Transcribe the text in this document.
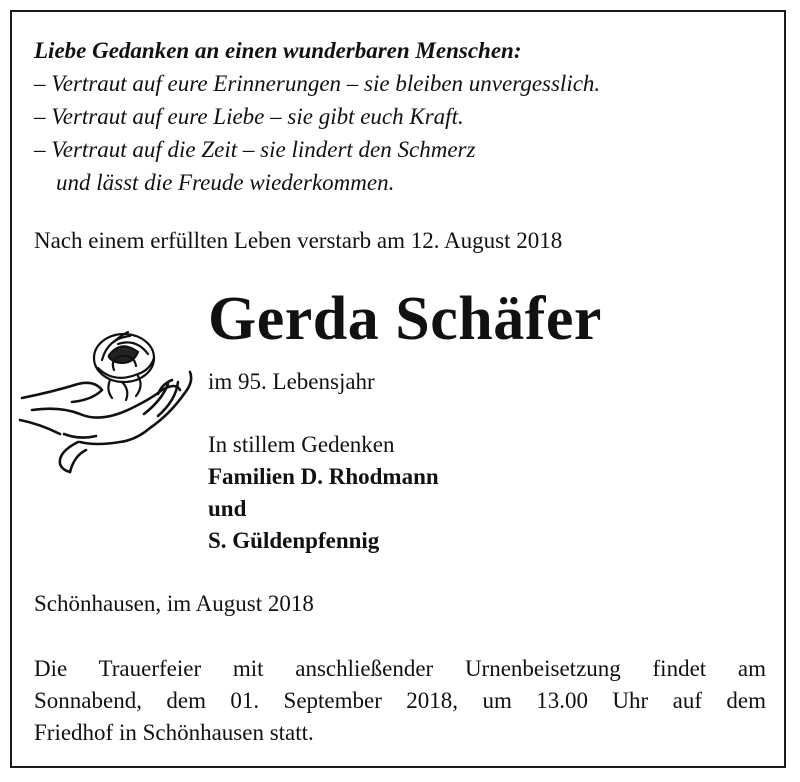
Liebe Gedanken an einen wunderbaren Menschen:
– Vertraut auf eure Erinnerungen – sie bleiben unvergesslich.
– Vertraut auf eure Liebe – sie gibt euch Kraft.
– Vertraut auf die Zeit – sie lindert den Schmerz
und lässt die Freude wiederkommen.
Nach einem erfüllten Leben verstarb am 12. August 2018
Gerda Schäfer
im 95. Lebensjahr
In stillem Gedenken
Familien D. Rhodmann
und
S. Güldenpfennig
Schönhausen, im August 2018
Die Trauerfeier mit anschließender Urnenbeisetzung findet am
Sonnabend, dem 01. September 2018, um 13.00 Uhr auf dem
Friedhof in Schönhausen statt.
